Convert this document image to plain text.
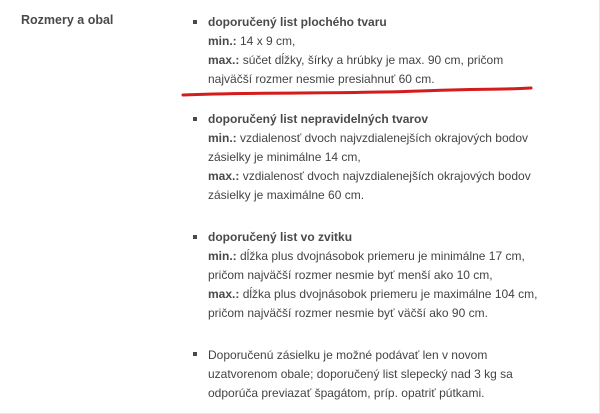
Rozmery a obal	doporučený list plochého tvaru
min.: 14 x 9 cm,
max.: súčet dĺžky, šírky a hrúbky je max. 90 cm, pričom
najväčší rozmer nesmie presiahnuť 60 cm.
doporučený list nepravidelných tvarov
min.: vzdialenosť dvoch najvzdialenejších okrajových bodov
zásielky je minimálne 14 cm,
max.: vzdialenosť dvoch najvzdialenejších okrajových bodov
zásielky je maximálne 60 cm.
doporučený list vo zvitku
min.: dĺžka plus dvojnásobok priemeru je minimálne 17 cm,
pričom najväčší rozmer nesmie byť menší ako 10 cm,
max.: dĺžka plus dvojnásobok priemeru je maximálne 104 cm,
pričom najväčší rozmer nesmie byť väčší ako 90 cm.
Doporučenú zásielku je možné podávať len v novom
uzatvorenom obale; doporučený list slepecký nad 3 kg sa
odporúča previazať špagátom, príp. opatriť pútkami.
